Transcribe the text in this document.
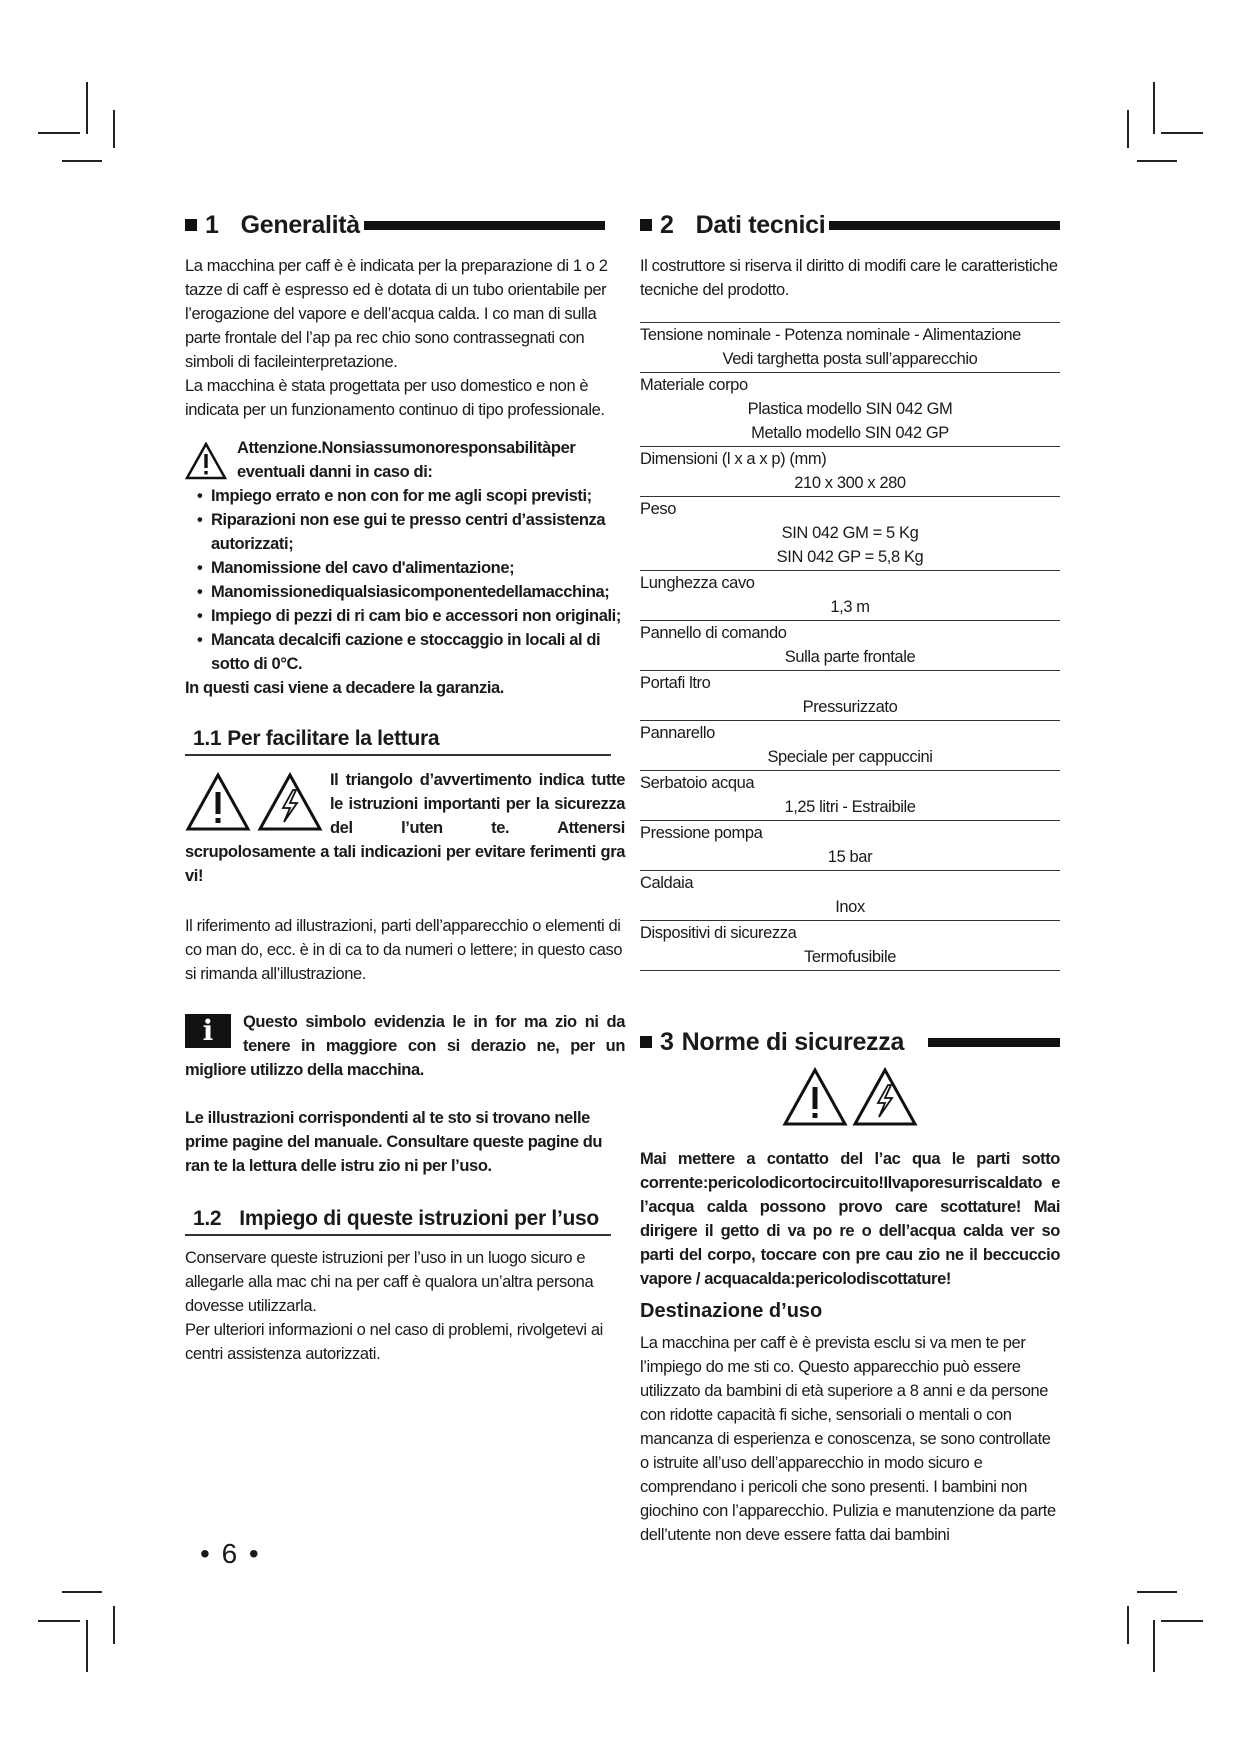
1 Generalità

La macchina per caff è è indicata per la preparazione di 1 o 2 tazze di caff è espresso ed è dotata di un tubo orientabile per l’erogazione del vapore e dell’acqua calda. I co man di sulla parte frontale del l’ap pa rec chio sono contrassegnati con simboli di facileinterpretazione.

La macchina è stata progettata per uso domestico e non è indicata per un funzionamento continuo di tipo professionale.

Attenzione.Nonsiassumonoresponsabilitàper eventuali danni in caso di:
• Impiego errato e non con for me agli scopi previsti;
• Riparazioni non ese gui te presso centri d’assistenza autorizzati;
• Manomissione del cavo d'alimentazione;
• Manomissionediqualsiasicomponentedellamacchina;
• Impiego di pezzi di ri cam bio e accessori non originali;
• Mancata decalcifi cazione e stoccaggio in locali al di sotto di 0°C.

In questi casi viene a decadere la garanzia.

1.1 Per facilitare la lettura

Il triangolo d’avvertimento indica tutte le istruzioni importanti per la sicurezza del l’uten te. Attenersi scrupolosamente a tali indicazioni per evitare ferimenti gra vi!

Il riferimento ad illustrazioni, parti dell’apparecchio o elementi di co man do, ecc. è in di ca to da numeri o lettere; in questo caso si rimanda all’illustrazione.

i	Questo simbolo evidenzia le in for ma zio ni da tenere in maggiore con si derazio ne, per un migliore utilizzo della macchina.

Le illustrazioni corrispondenti al te sto si trovano nelle prime pagine del manuale. Consultare queste pagine du ran te la lettura delle istru zio ni per l’uso.

1.2 Impiego di queste istruzioni per l’uso

Conservare queste istruzioni per l’uso in un luogo sicuro e allegarle alla mac chi na per caff è qualora un’altra persona dovesse utilizzarla.

Per ulteriori informazioni o nel caso di problemi, rivolgetevi ai centri assistenza autorizzati.

2 Dati tecnici

Il costruttore si riserva il diritto di modifi care le caratteristiche tecniche del prodotto.

Tensione nominale - Potenza nominale - Alimentazione
Vedi targhetta posta sull’apparecchio
Materiale corpo
Plastica modello SIN 042 GM
Metallo modello SIN 042 GP
Dimensioni (l x a x p) (mm)
210 x 300 x 280
Peso
SIN 042 GM = 5 Kg
SIN 042 GP = 5,8 Kg
Lunghezza cavo
1,3 m
Pannello di comando
Sulla parte frontale
Portafi ltro
Pressurizzato
Pannarello
Speciale per cappuccini
Serbatoio acqua
1,25 litri - Estraibile
Pressione pompa
15 bar
Caldaia
Inox
Dispositivi di sicurezza
Termofusibile
3 Norme di sicurezza

Mai mettere a contatto del l’ac qua le parti sotto corrente:pericolodicortocircuito!Ilvaporesurriscaldato e l’acqua calda possono provo care scottature! Mai dirigere il getto di va po re o dell’acqua calda ver so parti del corpo, toccare con pre cau zio ne il beccuccio vapore / acquacalda:pericolodiscottature!

Destinazione d’uso

La macchina per caff è è prevista esclu si va men te per l’impiego do me sti co. Questo apparecchio può essere utilizzato da bambini di età superiore a 8 anni e da persone con ridotte capacità fi siche, sensoriali o mentali o con mancanza di esperienza e conoscenza, se sono controllate o istruite all’uso dell’apparecchio in modo sicuro e comprendano i pericoli che sono presenti. I bambini non giochino con l’apparecchio. Pulizia e manutenzione da parte dell’utente non deve essere fatta dai bambini

• 6 •
